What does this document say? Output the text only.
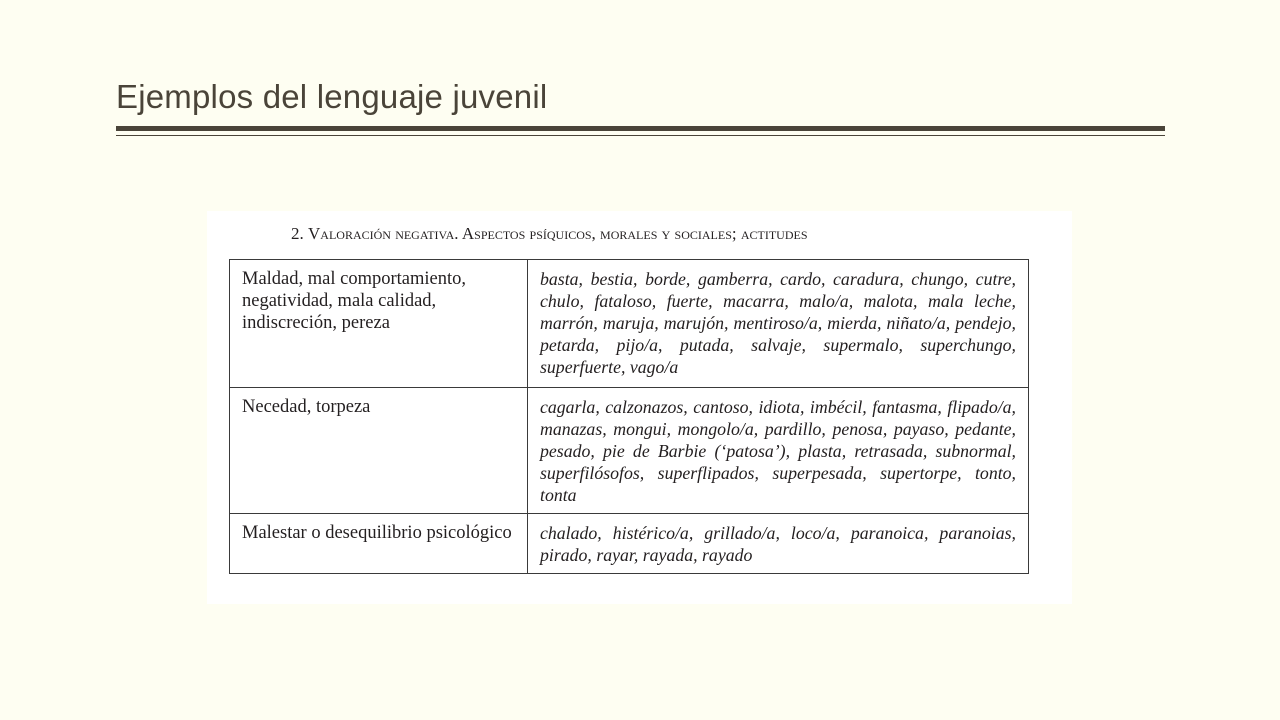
Ejemplos del lenguaje juvenil
2. Valoración negativa. Aspectos psíquicos, morales y sociales; actitudes
Maldad, mal comportamiento, negatividad, mala calidad, indiscreción, pereza	basta, bestia, borde, gamberra, cardo, caradura, chungo, cutre, chulo, fataloso, fuerte, macarra, malo/a, malota, mala leche, marrón, maruja, marujón, mentiroso/a, mierda, niñato/a, pendejo, petarda, pijo/a, putada, salvaje, supermalo, superchungo, superfuerte, vago/a
Necedad, torpeza	cagarla, calzonazos, cantoso, idiota, imbécil, fantasma, flipado/a, manazas, mongui, mongolo/a, pardillo, penosa, payaso, pedante, pesado, pie de Barbie (‘patosa’), plasta, retrasada, subnormal, superfilósofos, superflipados, superpesada, supertorpe, tonto, tonta
Malestar o desequilibrio psicológico	chalado, histérico/a, grillado/a, loco/a, paranoica, paranoias, pirado, rayar, rayada, rayado
